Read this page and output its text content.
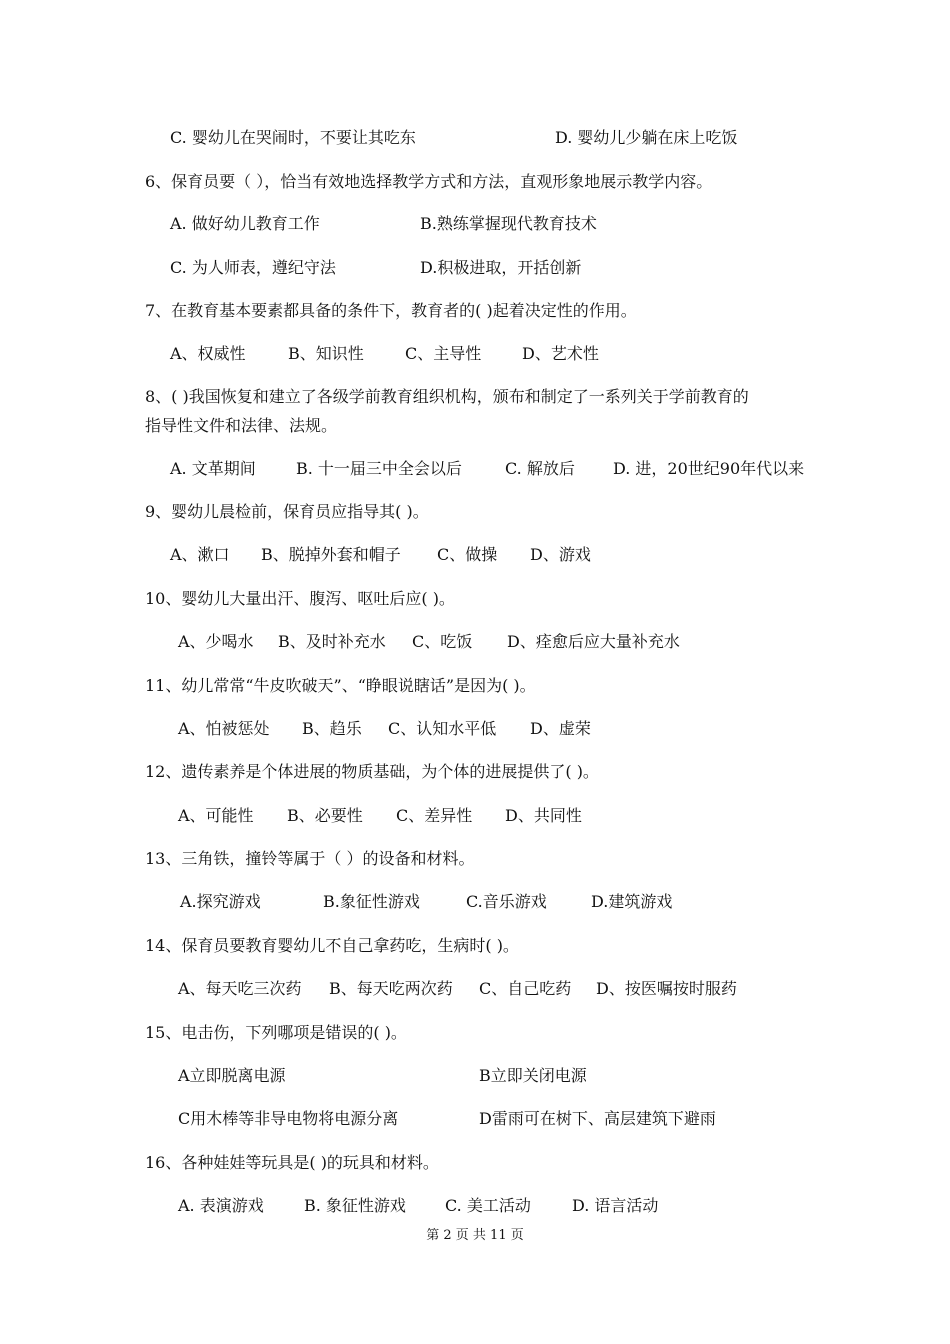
C. 婴幼儿在哭闹时，不要让其吃东	D. 婴幼儿少躺在床上吃饭
6、保育员要（ ），恰当有效地选择教学方式和方法，直观形象地展示教学内容。
A. 做好幼儿教育工作	B.熟练掌握现代教育技术
C. 为人师表，遵纪守法	D.积极进取，开括创新
7、在教育基本要素都具备的条件下，教育者的( )起着决定性的作用。
A、权威性	B、知识性	C、主导性	D、艺术性
8、( )我国恢复和建立了各级学前教育组织机构，颁布和制定了一系列关于学前教育的
指导性文件和法律、法规。
A. 文革期间	B. 十一届三中全会以后	C. 解放后 D. 进，20世纪90年代以来
9、婴幼儿晨检前，保育员应指导其( )。
A、漱口 B、脱掉外套和帽子 C、做操 D、游戏
10、婴幼儿大量出汗、腹泻、呕吐后应( )。
A、少喝水 B、及时补充水 C、吃饭 D、痊愈后应大量补充水
11、幼儿常常“牛皮吹破天”、“睁眼说瞎话”是因为( )。
A、怕被惩处 B、趋乐 C、认知水平低 D、虚荣
12、遗传素养是个体进展的物质基础，为个体的进展提供了( )。
A、可能性 B、必要性 C、差异性 D、共同性
13、三角铁，撞铃等属于（ ）的设备和材料。
A.探究游戏	B.象征性游戏	C.音乐游戏	D.建筑游戏
14、保育员要教育婴幼儿不自己拿药吃，生病时( )。
A、每天吃三次药 B、每天吃两次药 C、自己吃药 D、按医嘱按时服药
15、电击伤，下列哪项是错误的( )。
A立即脱离电源	B立即关闭电源
C用木棒等非导电物将电源分离	D雷雨可在树下、高层建筑下避雨
16、各种娃娃等玩具是( )的玩具和材料。
A. 表演游戏	B. 象征性游戏 C. 美工活动	D. 语言活动
第 2 页 共 11 页
